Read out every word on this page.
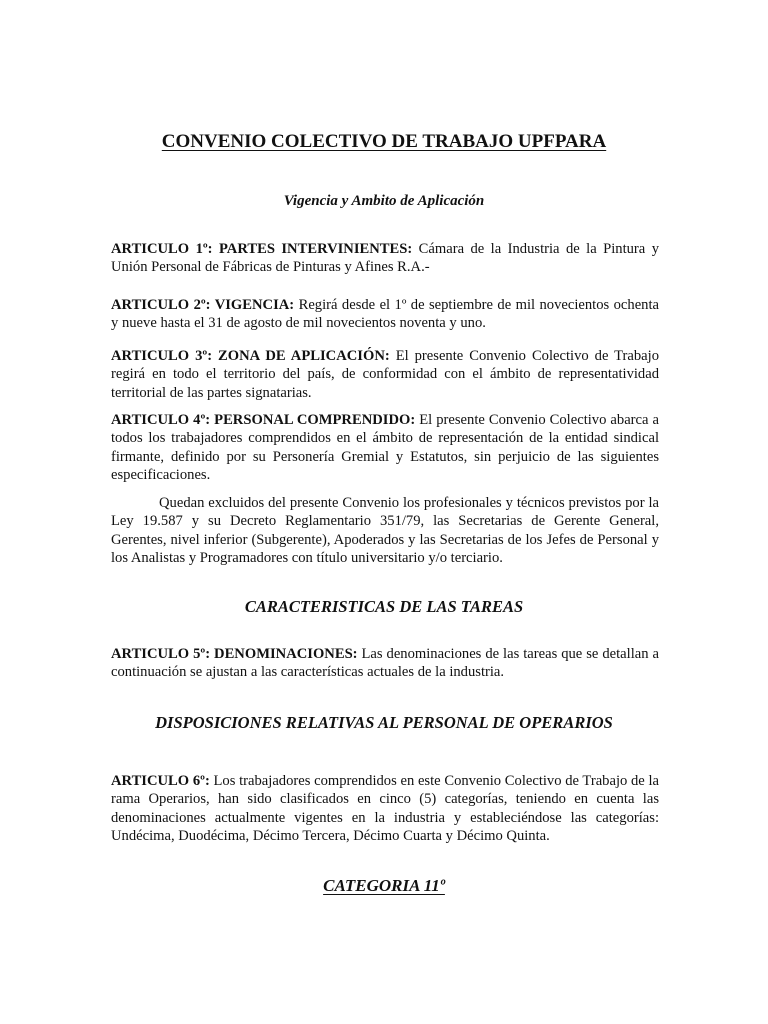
CONVENIO COLECTIVO DE TRABAJO UPFPARA
Vigencia y Ambito de Aplicación

ARTICULO 1º: PARTES INTERVINIENTES: Cámara de la Industria de la Pintura y Unión Personal de Fábricas de Pinturas y Afines R.A.-

ARTICULO 2º: VIGENCIA: Regirá desde el 1º de septiembre de mil novecientos ochenta y nueve hasta el 31 de agosto de mil novecientos noventa y uno.

ARTICULO 3º: ZONA DE APLICACIÓN: El presente Convenio Colectivo de Trabajo regirá en todo el territorio del país, de conformidad con el ámbito de representatividad territorial de las partes signatarias.

ARTICULO 4º: PERSONAL COMPRENDIDO: El presente Convenio Colectivo abarca a todos los trabajadores comprendidos en el ámbito de representación de la entidad sindical firmante, definido por su Personería Gremial y Estatutos, sin perjuicio de las siguientes especificaciones.

Quedan excluidos del presente Convenio los profesionales y técnicos previstos por la Ley 19.587 y su Decreto Reglamentario 351/79, las Secretarias de Gerente General, Gerentes, nivel inferior (Subgerente), Apoderados y las Secretarias de los Jefes de Personal y los Analistas y Programadores con título universitario y/o terciario.

CARACTERISTICAS DE LAS TAREAS

ARTICULO 5º: DENOMINACIONES: Las denominaciones de las tareas que se detallan a continuación se ajustan a las características actuales de la industria.

DISPOSICIONES RELATIVAS AL PERSONAL DE OPERARIOS

ARTICULO 6º: Los trabajadores comprendidos en este Convenio Colectivo de Trabajo de la rama Operarios, han sido clasificados en cinco (5) categorías, teniendo en cuenta las denominaciones actualmente vigentes en la industria y estableciéndose las categorías: Undécima, Duodécima, Décimo Tercera, Décimo Cuarta y Décimo Quinta.

CATEGORIA 11º
